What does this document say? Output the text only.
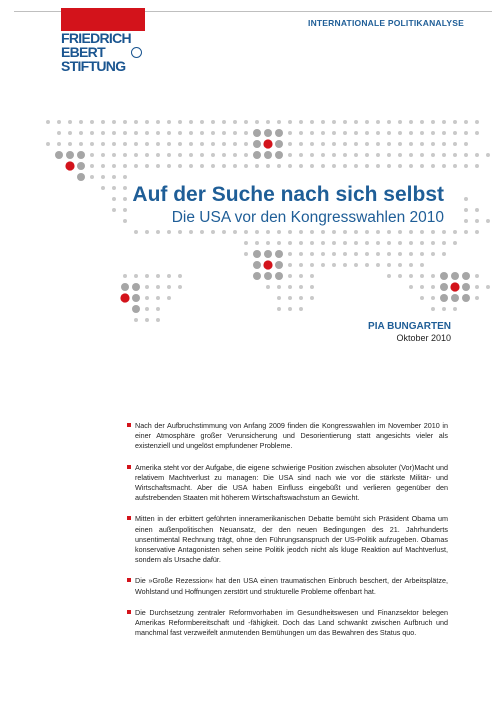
INTERNATIONALE POLITIKANALYSE
FRIEDRICH
EBERT
STIFTUNG
Auf der Suche nach sich selbst
Die USA vor den Kongresswahlen 2010
PIA BUNGARTEN
Oktober 2010
Nach der Aufbruchstimmung von Anfang 2009 finden die Kongresswahlen im November 2010 in einer Atmosphäre großer Verunsicherung und Desorientierung statt angesichts vieler als existenziell und ungelöst empfundener Probleme.
Amerika steht vor der Aufgabe, die eigene schwierige Position zwischen absoluter (Vor)Macht und relativem Machtverlust zu managen: Die USA sind nach wie vor die stärkste Militär- und Wirtschaftsmacht. Aber die USA haben Einfluss eingebüßt und verlieren gegenüber den aufstrebenden Staaten mit höherem Wirtschaftswachstum an Gewicht.
Mitten in der erbittert geführten inneramerikanischen Debatte bemüht sich Präsident Obama um einen außenpolitischen Neuansatz, der den neuen Bedingungen des 21. Jahrhunderts unsentimental Rechnung trägt, ohne den Führungsanspruch der US-Politik aufzugeben. Obamas konservative Antagonisten sehen seine Politik jeodch nicht als kluge Reaktion auf Machtverlust, sondern als Ursache dafür.
Die »Große Rezession« hat den USA einen traumatischen Einbruch beschert, der Arbeitsplätze, Wohlstand und Hoffnungen zerstört und strukturelle Probleme offenbart hat.
Die Durchsetzung zentraler Reformvorhaben im Gesundheitswesen und Finanzsektor belegen Amerikas Reformbereitschaft und -fähigkeit. Doch das Land schwankt zwischen Aufbruch und manchmal fast verzweifelt anmutenden Bemühungen um das Bewahren des Status quo.
